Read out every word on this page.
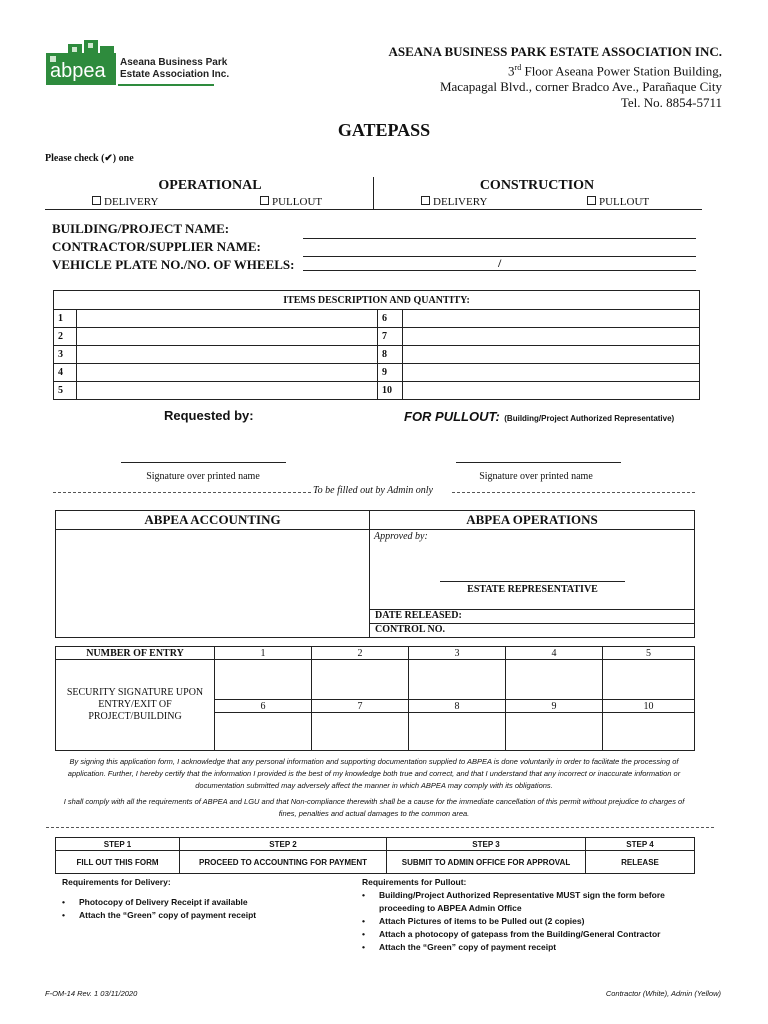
abpea Aseana Business Park
Estate Association Inc.
ASEANA BUSINESS PARK ESTATE ASSOCIATION INC.
3rd Floor Aseana Power Station Building,
Macapagal Blvd., corner Bradco Ave., Parañaque City
Tel. No. 8854-5711
GATEPASS
Please check (✔) one
OPERATIONAL	CONSTRUCTION
DELIVERY	PULLOUT	DELIVERY	PULLOUT
BUILDING/PROJECT NAME:
CONTRACTOR/SUPPLIER NAME:
VEHICLE PLATE NO./NO. OF WHEELS:	/
ITEMS DESCRIPTION AND QUANTITY:			
1		6	
2		7	
3		8	
4		9	
5		10	
Requested by:	FOR PULLOUT: (Building/Project Authorized Representative)
Signature over printed name	Signature over printed name
To be filled out by Admin only
ABPEA ACCOUNTING	ABPEA OPERATIONS
Approved by:
ESTATE REPRESENTATIVE
DATE RELEASED:
CONTROL NO.
NUMBER OF ENTRY	1	2	3	4	5
SECURITY SIGNATURE UPON ENTRY/EXIT OF PROJECT/BUILDING					
	6	7	8	9	10

By signing this application form, I acknowledge that any personal information and supporting documentation supplied to ABPEA is done voluntarily in order to facilitate the processing of application. Further, I hereby certify that the information I provided is the best of my knowledge both true and correct, and that I understand that any incorrect or inaccurate information or documentation submitted may adversely affect the manner in which ABPEA may comply with its obligations.
I shall comply with all the requirements of ABPEA and LGU and that Non-compliance therewith shall be a cause for the immediate cancellation of this permit without prejudice to charges of fines, penalties and actual damages to the common area.
STEP 1	STEP 2	STEP 3	STEP 4
FILL OUT THIS FORM	PROCEED TO ACCOUNTING FOR PAYMENT	SUBMIT TO ADMIN OFFICE FOR APPROVAL	RELEASE
Requirements for Delivery:
• Photocopy of Delivery Receipt if available
• Attach the “Green” copy of payment receipt
Requirements for Pullout:
•	Building/Project Authorized Representative MUST sign the form before proceeding to ABPEA Admin Office
•	Attach Pictures of items to be Pulled out (2 copies)
•	Attach a photocopy of gatepass from the Building/General Contractor
•	Attach the “Green” copy of payment receipt
F-OM-14 Rev. 1 03/11/2020	Contractor (White), Admin (Yellow)
